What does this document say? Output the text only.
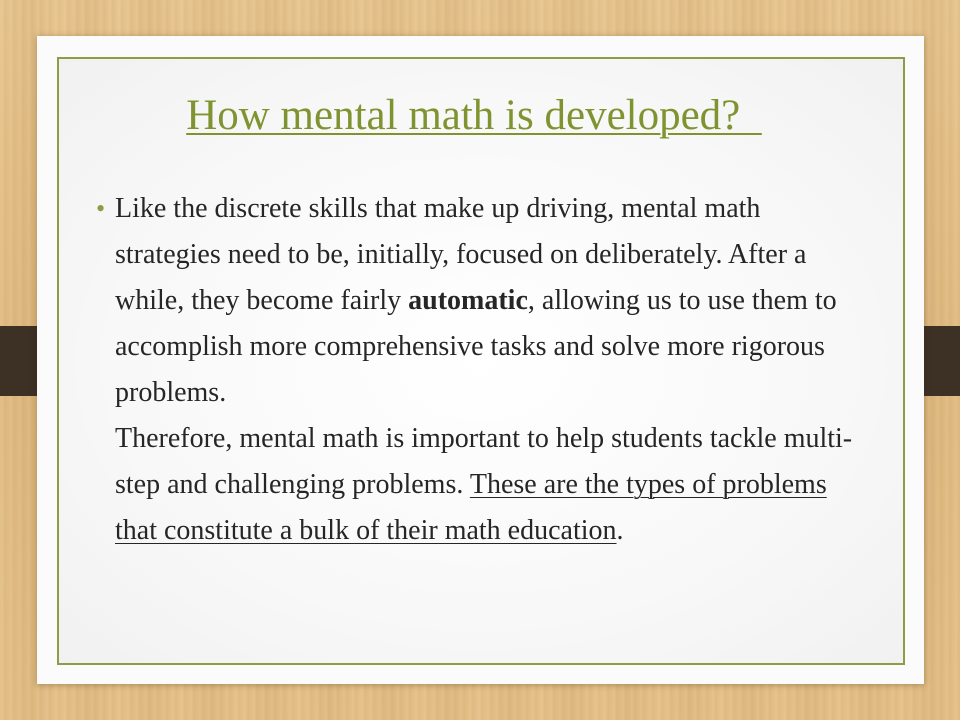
How mental math is developed?
• Like the discrete skills that make up driving, mental math strategies need to be, initially, focused on deliberately. After a while, they become fairly automatic, allowing us to use them to accomplish more comprehensive tasks and solve more rigorous problems.

Therefore, mental math is important to help students tackle multi-step and challenging problems. These are the types of problems that constitute a bulk of their math education.
